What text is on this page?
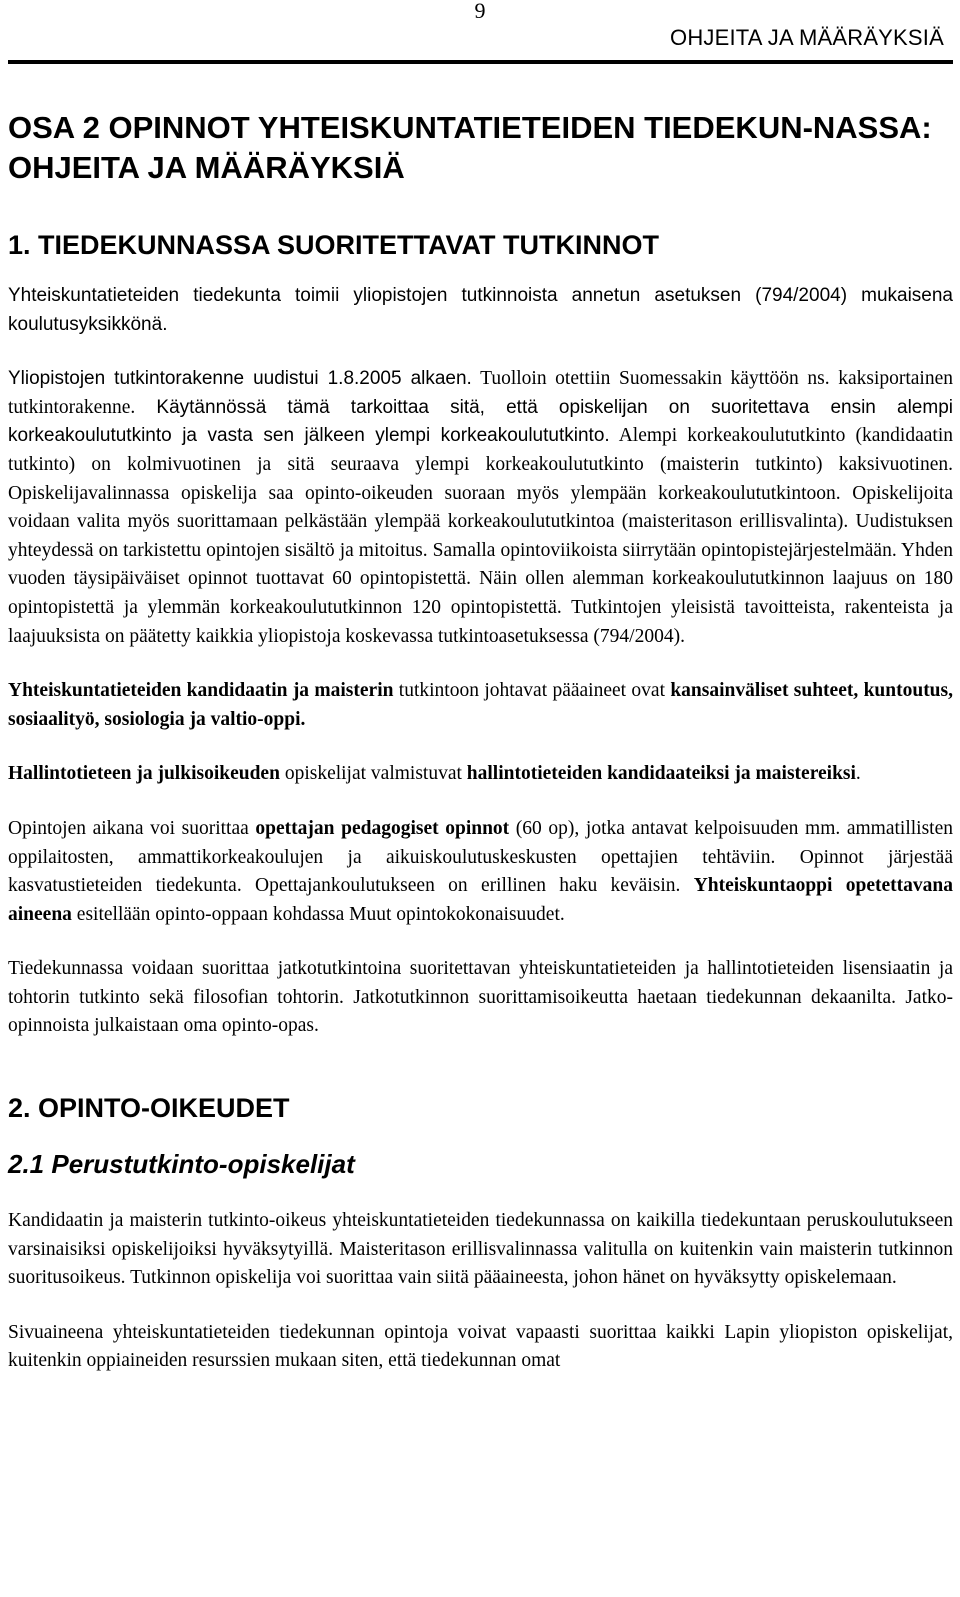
9
OHJEITA JA MÄÄRÄYKSIÄ
OSA 2 OPINNOT YHTEISKUNTATIETEIDEN TIEDEKUN-NASSA: OHJEITA JA MÄÄRÄYKSIÄ
1. TIEDEKUNNASSA SUORITETTAVAT TUTKINNOT

Yhteiskuntatieteiden tiedekunta toimii yliopistojen tutkinnoista annetun asetuksen (794/2004) mukaisena koulutusyksikkönä.

Yliopistojen tutkintorakenne uudistui 1.8.2005 alkaen. Tuolloin otettiin Suomessakin käyttöön ns. kaksiportainen tutkintorakenne. Käytännössä tämä tarkoittaa sitä, että opiskelijan on suoritettava ensin alempi korkeakoulututkinto ja vasta sen jälkeen ylempi korkeakoulututkinto. Alempi korkeakoulututkinto (kandidaatin tutkinto) on kolmivuotinen ja sitä seuraava ylempi korkeakoulututkinto (maisterin tutkinto) kaksivuotinen. Opiskelijavalinnassa opiskelija saa opinto-oikeuden suoraan myös ylempään korkeakoulututkintoon. Opiskelijoita voidaan valita myös suorittamaan pelkästään ylempää korkeakoulututkintoa (maisteritason erillisvalinta). Uudistuksen yhteydessä on tarkistettu opintojen sisältö ja mitoitus. Samalla opintoviikoista siirrytään opintopistejärjestelmään. Yhden vuoden täysipäiväiset opinnot tuottavat 60 opintopistettä. Näin ollen alemman korkeakoulututkinnon laajuus on 180 opintopistettä ja ylemmän korkeakoulututkinnon 120 opintopistettä. Tutkintojen yleisistä tavoitteista, rakenteista ja laajuuksista on päätetty kaikkia yliopistoja koskevassa tutkintoasetuksessa (794/2004).

Yhteiskuntatieteiden kandidaatin ja maisterin tutkintoon johtavat pääaineet ovat kansainväliset suhteet, kuntoutus, sosiaalityö, sosiologia ja valtio-oppi.

Hallintotieteen ja julkisoikeuden opiskelijat valmistuvat hallintotieteiden kandidaateiksi ja maistereiksi.

Opintojen aikana voi suorittaa opettajan pedagogiset opinnot (60 op), jotka antavat kelpoisuuden mm. ammatillisten oppilaitosten, ammattikorkeakoulujen ja aikuiskoulutuskeskusten opettajien tehtäviin. Opinnot järjestää kasvatustieteiden tiedekunta. Opettajankoulutukseen on erillinen haku keväisin. Yhteiskuntaoppi opetettavana aineena esitellään opinto-oppaan kohdassa Muut opintokokonaisuudet.

Tiedekunnassa voidaan suorittaa jatkotutkintoina suoritettavan yhteiskuntatieteiden ja hallintotieteiden lisensiaatin ja tohtorin tutkinto sekä filosofian tohtorin. Jatkotutkinnon suorittamisoikeutta haetaan tiedekunnan dekaanilta. Jatko-opinnoista julkaistaan oma opinto-opas.

2. OPINTO-OIKEUDET
2.1 Perustutkinto-opiskelijat

Kandidaatin ja maisterin tutkinto-oikeus yhteiskuntatieteiden tiedekunnassa on kaikilla tiedekuntaan peruskoulutukseen varsinaisiksi opiskelijoiksi hyväksytyillä. Maisteritason erillisvalinnassa valitulla on kuitenkin vain maisterin tutkinnon suoritusoikeus. Tutkinnon opiskelija voi suorittaa vain siitä pääaineesta, johon hänet on hyväksytty opiskelemaan.

Sivuaineena yhteiskuntatieteiden tiedekunnan opintoja voivat vapaasti suorittaa kaikki Lapin yliopiston opiskelijat, kuitenkin oppiaineiden resurssien mukaan siten, että tiedekunnan omat
